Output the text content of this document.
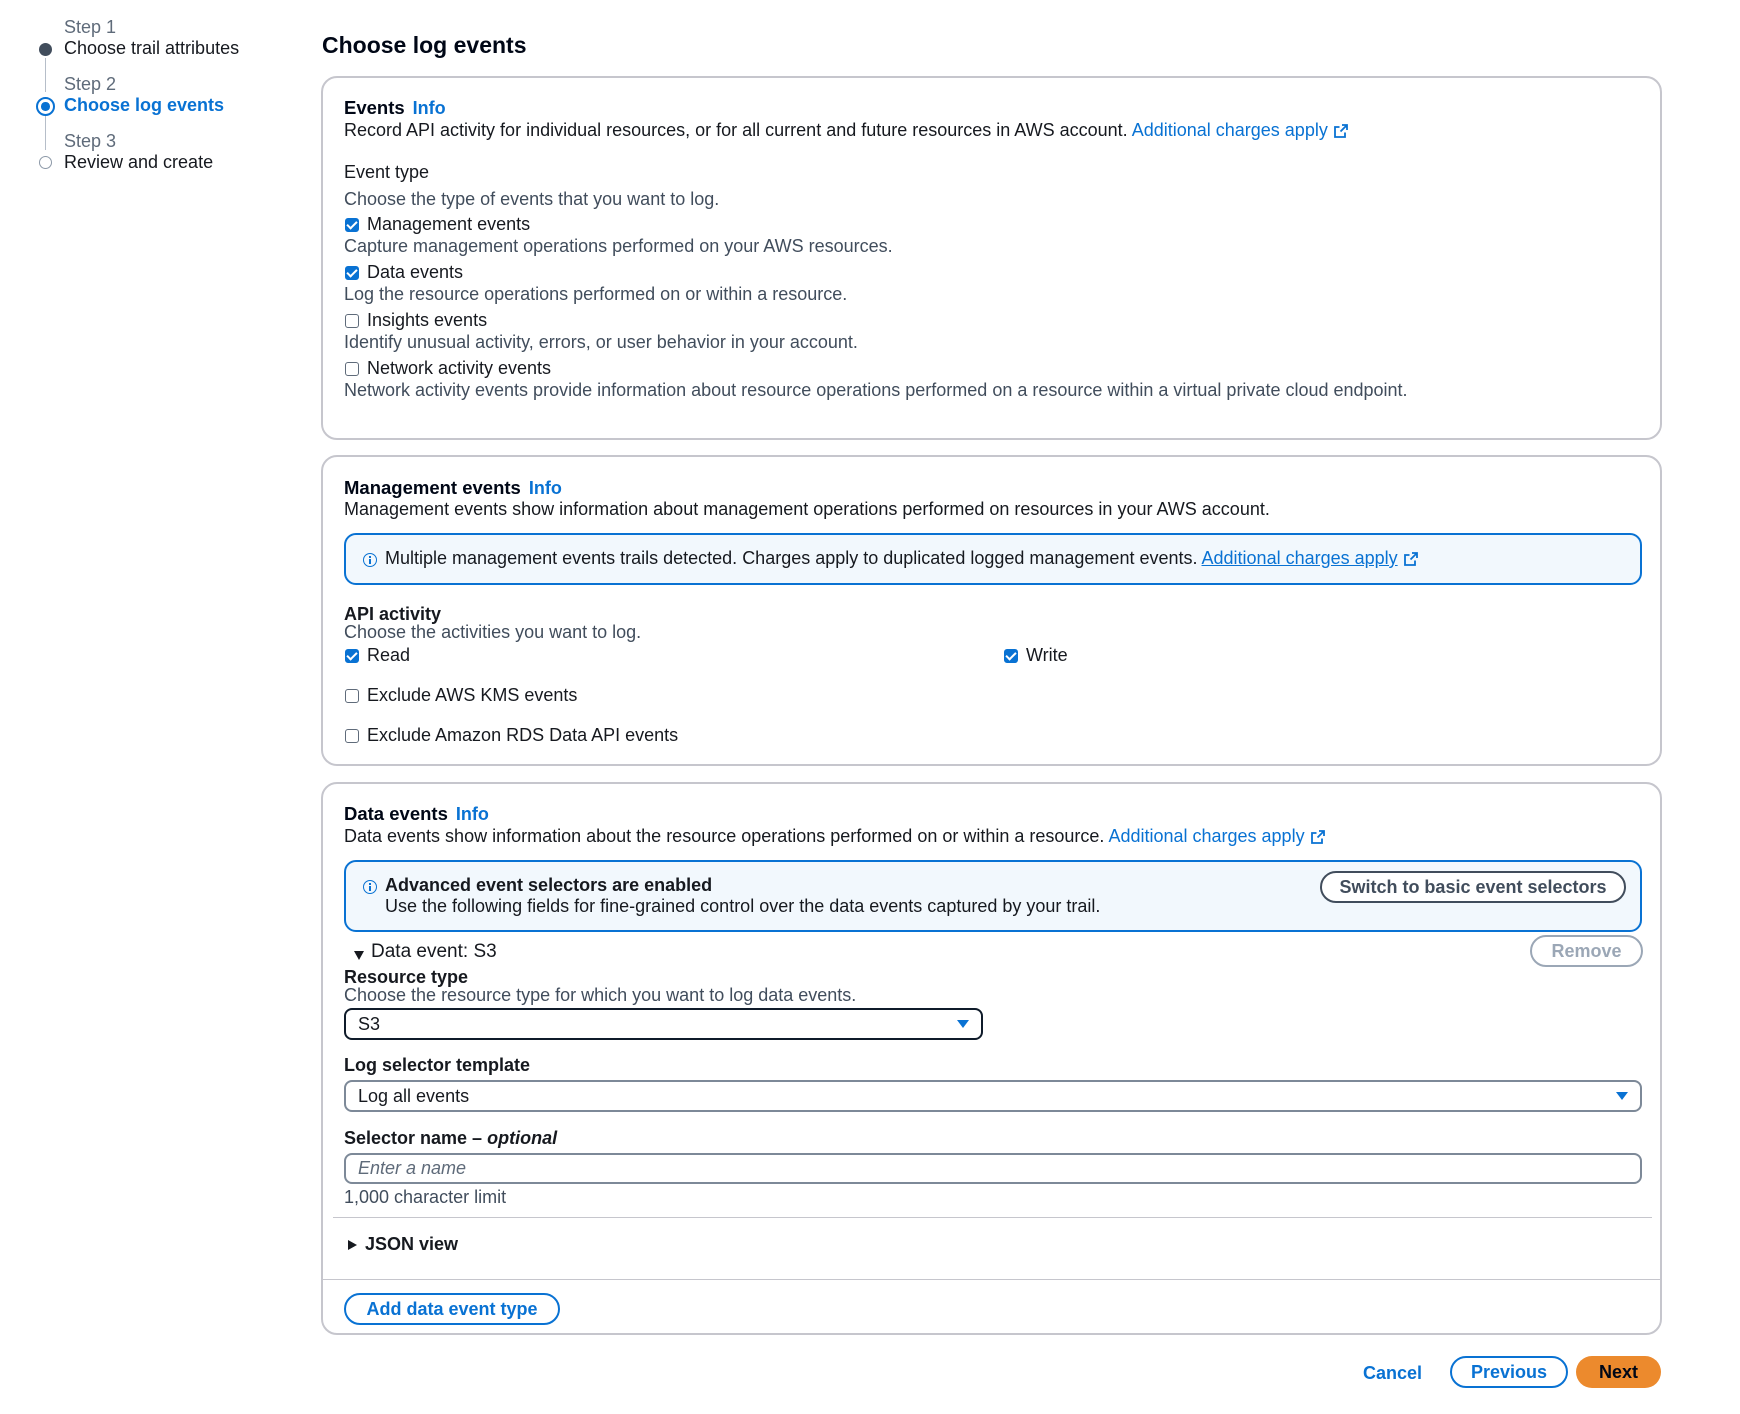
Step 1
Choose trail attributes
Step 2
Choose log events
Step 3
Review and create
Choose log events
Events Info
Record API activity for individual resources, or for all current and future resources in AWS account. Additional charges apply
Event type
Choose the type of events that you want to log.
Management events
Capture management operations performed on your AWS resources.
Data events
Log the resource operations performed on or within a resource.
Insights events
Identify unusual activity, errors, or user behavior in your account.
Network activity events
Network activity events provide information about resource operations performed on a resource within a virtual private cloud endpoint.
Management events Info
Management events show information about management operations performed on resources in your AWS account.
Multiple management events trails detected. Charges apply to duplicated logged management events. Additional charges apply
API activity
Choose the activities you want to log.
Read	Write
Exclude AWS KMS events
Exclude Amazon RDS Data API events
Data events Info
Data events show information about the resource operations performed on or within a resource. Additional charges apply
Advanced event selectors are enabled
Use the following fields for fine-grained control over the data events captured by your trail.
Switch to basic event selectors
Data event: S3	Remove
Resource type
Choose the resource type for which you want to log data events.
S3
Log selector template
Log all events
Selector name – optional
Enter a name
1,000 character limit
JSON view
Add data event type
Cancel	Previous	Next
